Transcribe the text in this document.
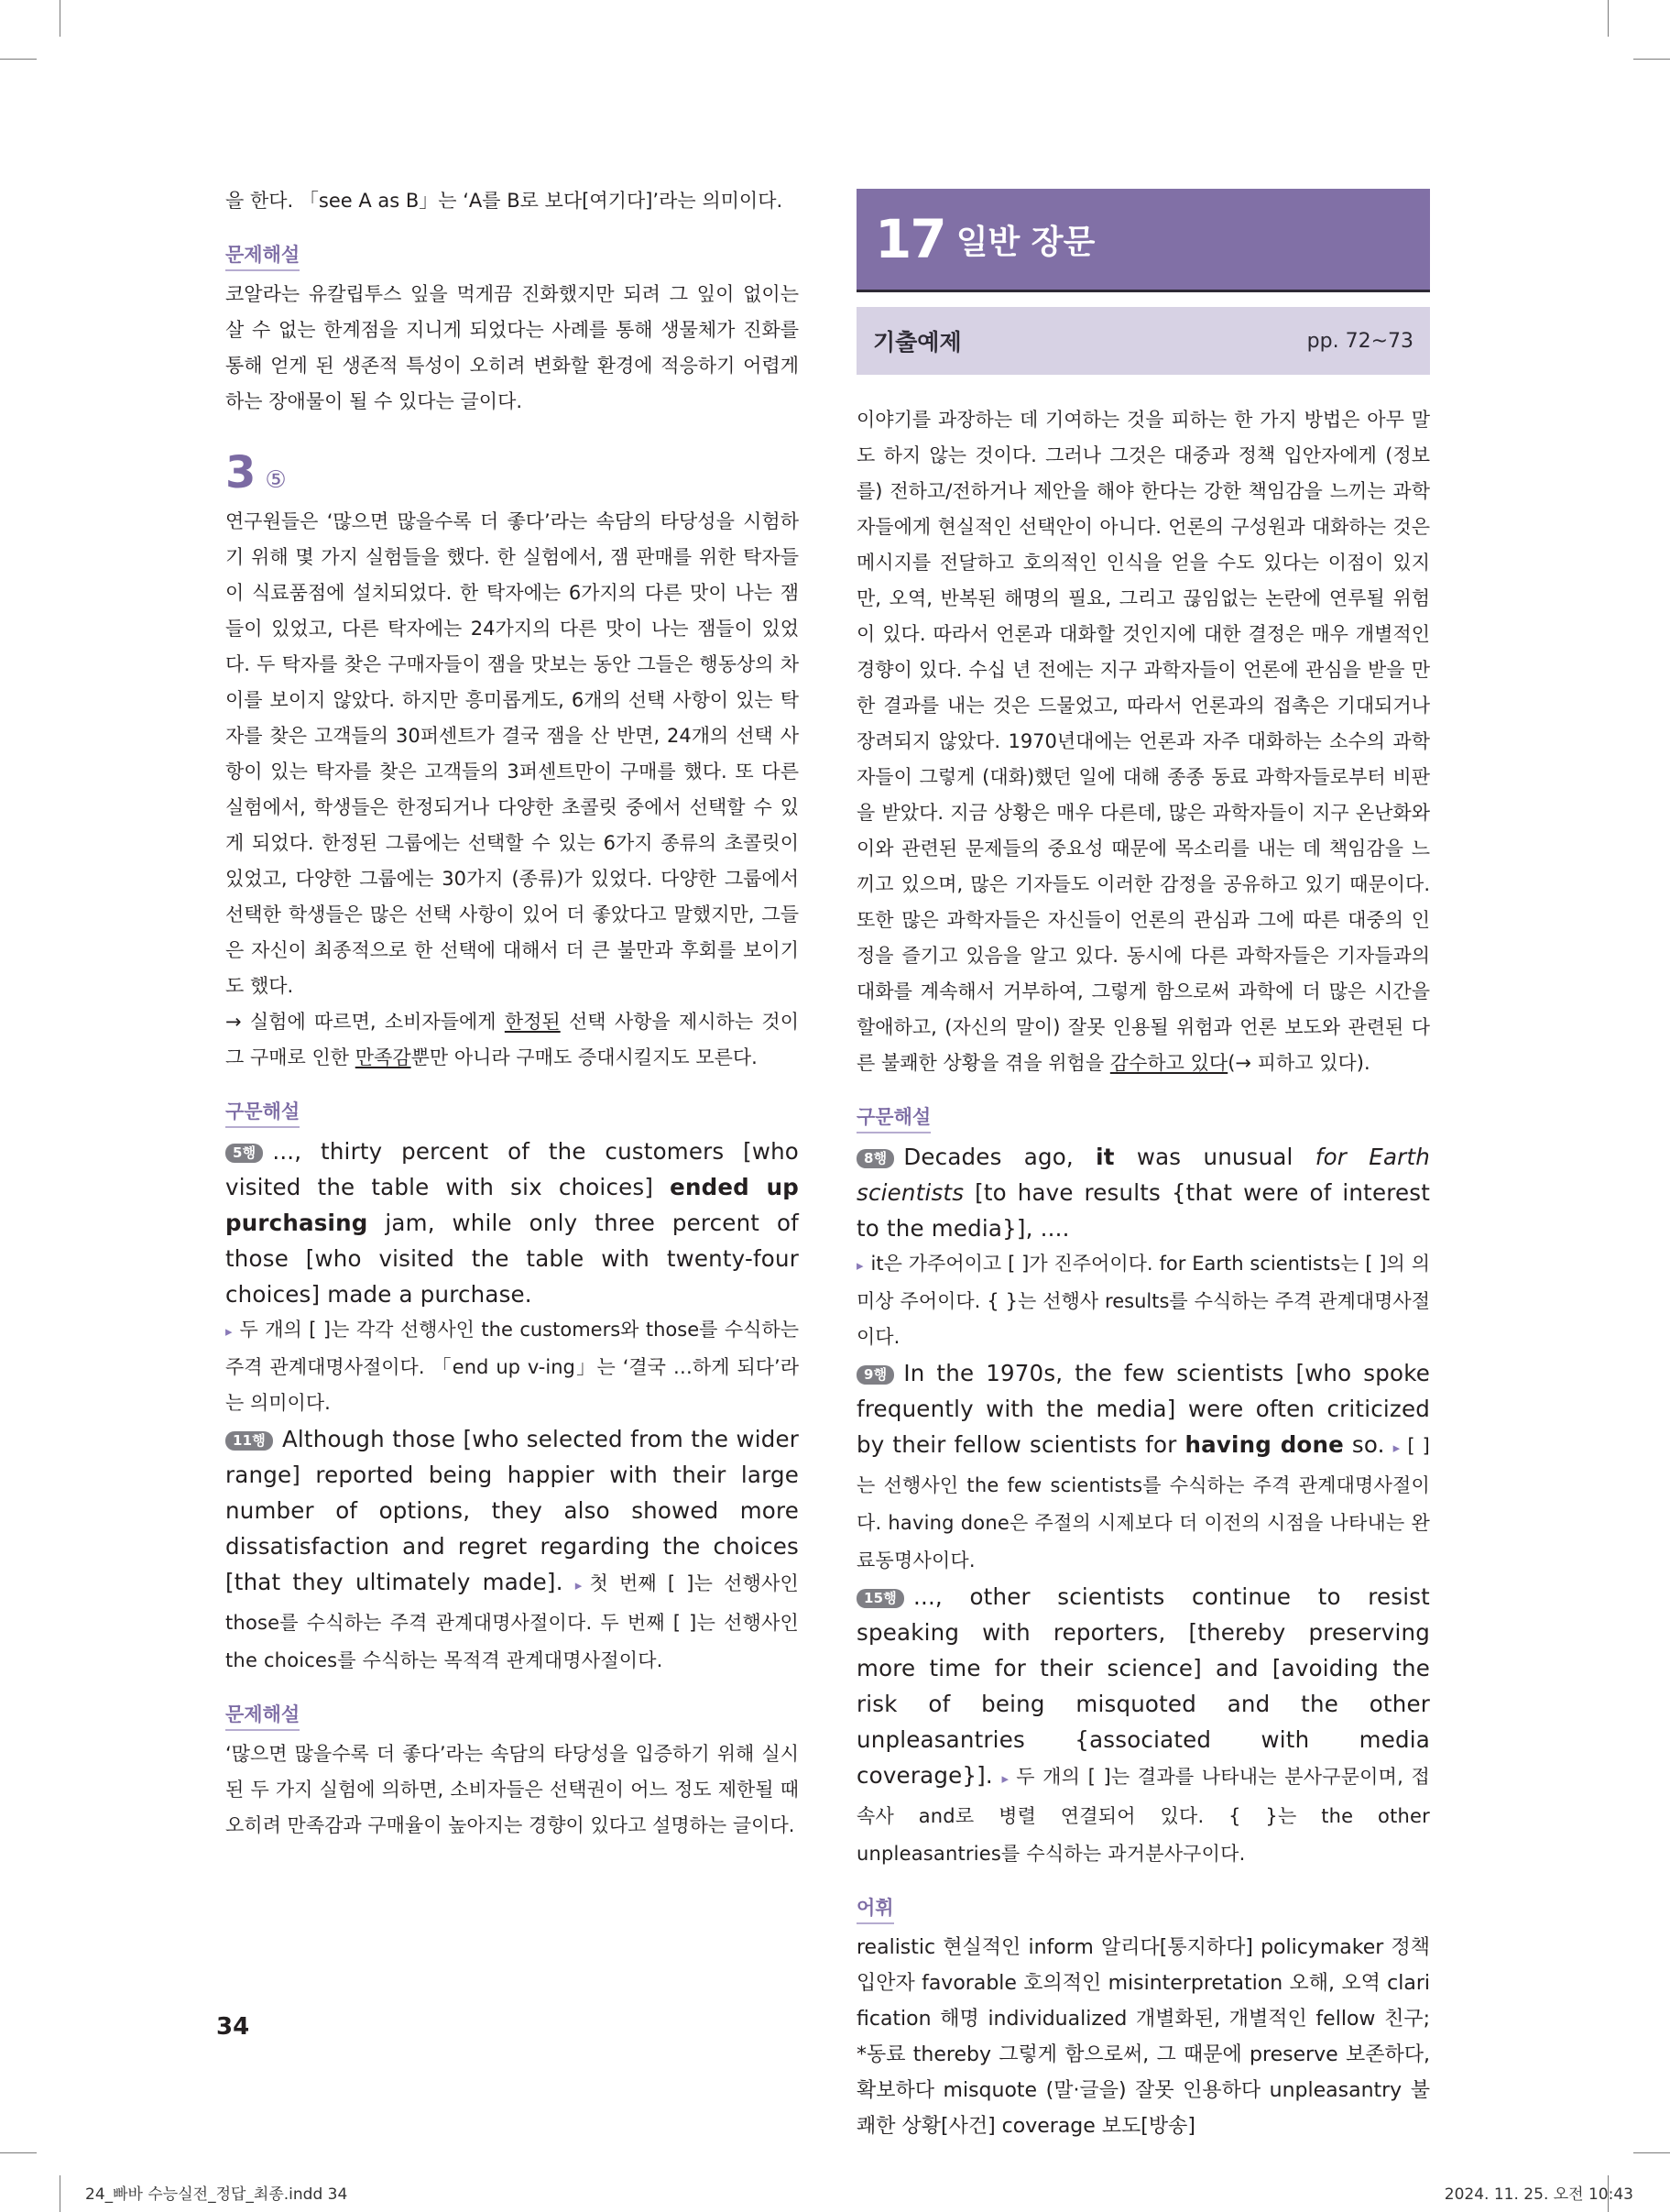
을 한다. 「see A as B」는 ‘A를 B로 보다[여기다]’라는 의미이다.

문제해설

코알라는 유칼립투스 잎을 먹게끔 진화했지만 되려 그 잎이 없이는 살 수 없는 한계점을 지니게 되었다는 사례를 통해 생물체가 진화를 통해 얻게 된 생존적 특성이 오히려 변화할 환경에 적응하기 어렵게 하는 장애물이 될 수 있다는 글이다.

3 ⑤

연구원들은 ‘많으면 많을수록 더 좋다’라는 속담의 타당성을 시험하기 위해 몇 가지 실험들을 했다. 한 실험에서, 잼 판매를 위한 탁자들이 식료품점에 설치되었다. 한 탁자에는 6가지의 다른 맛이 나는 잼들이 있었고, 다른 탁자에는 24가지의 다른 맛이 나는 잼들이 있었다. 두 탁자를 찾은 구매자들이 잼을 맛보는 동안 그들은 행동상의 차이를 보이지 않았다. 하지만 흥미롭게도, 6개의 선택 사항이 있는 탁자를 찾은 고객들의 30퍼센트가 결국 잼을 산 반면, 24개의 선택 사항이 있는 탁자를 찾은 고객들의 3퍼센트만이 구매를 했다. 또 다른 실험에서, 학생들은 한정되거나 다양한 초콜릿 중에서 선택할 수 있게 되었다. 한정된 그룹에는 선택할 수 있는 6가지 종류의 초콜릿이 있었고, 다양한 그룹에는 30가지 (종류)가 있었다. 다양한 그룹에서 선택한 학생들은 많은 선택 사항이 있어 더 좋았다고 말했지만, 그들은 자신이 최종적으로 한 선택에 대해서 더 큰 불만과 후회를 보이기도 했다.

→ 실험에 따르면, 소비자들에게 한정된 선택 사항을 제시하는 것이 그 구매로 인한 만족감뿐만 아니라 구매도 증대시킬지도 모른다.

구문해설

5행 ..., thirty percent of the customers [who visited the table with six choices] ended up purchasing jam, while only three percent of those [who visited the table with twenty-four choices] made a purchase.

▸ 두 개의 [ ]는 각각 선행사인 the customers와 those를 수식하는 주격 관계대명사절이다. 「end up v-ing」는 ‘결국 …하게 되다’라는 의미이다.

11행 Although those [who selected from the wider range] reported being happier with their large number of options, they also showed more dissatisfaction and regret regarding the choices [that they ultimately made]. ▸ 첫 번째 [ ]는 선행사인 those를 수식하는 주격 관계대명사절이다. 두 번째 [ ]는 선행사인 the choices를 수식하는 목적격 관계대명사절이다.

문제해설

‘많으면 많을수록 더 좋다’라는 속담의 타당성을 입증하기 위해 실시된 두 가지 실험에 의하면, 소비자들은 선택권이 어느 정도 제한될 때 오히려 만족감과 구매율이 높아지는 경향이 있다고 설명하는 글이다.

17 일반 장문
기출예제	pp. 72~73

이야기를 과장하는 데 기여하는 것을 피하는 한 가지 방법은 아무 말도 하지 않는 것이다. 그러나 그것은 대중과 정책 입안자에게 (정보를) 전하고/전하거나 제안을 해야 한다는 강한 책임감을 느끼는 과학자들에게 현실적인 선택안이 아니다. 언론의 구성원과 대화하는 것은 메시지를 전달하고 호의적인 인식을 얻을 수도 있다는 이점이 있지만, 오역, 반복된 해명의 필요, 그리고 끊임없는 논란에 연루될 위험이 있다. 따라서 언론과 대화할 것인지에 대한 결정은 매우 개별적인 경향이 있다. 수십 년 전에는 지구 과학자들이 언론에 관심을 받을 만한 결과를 내는 것은 드물었고, 따라서 언론과의 접촉은 기대되거나 장려되지 않았다. 1970년대에는 언론과 자주 대화하는 소수의 과학자들이 그렇게 (대화)했던 일에 대해 종종 동료 과학자들로부터 비판을 받았다. 지금 상황은 매우 다른데, 많은 과학자들이 지구 온난화와 이와 관련된 문제들의 중요성 때문에 목소리를 내는 데 책임감을 느끼고 있으며, 많은 기자들도 이러한 감정을 공유하고 있기 때문이다. 또한 많은 과학자들은 자신들이 언론의 관심과 그에 따른 대중의 인정을 즐기고 있음을 알고 있다. 동시에 다른 과학자들은 기자들과의 대화를 계속해서 거부하여, 그렇게 함으로써 과학에 더 많은 시간을 할애하고, (자신의 말이) 잘못 인용될 위험과 언론 보도와 관련된 다른 불쾌한 상황을 겪을 위험을 감수하고 있다(→ 피하고 있다).

구문해설

8행 Decades ago, it was unusual for Earth scientists [to have results {that were of interest to the media}], ....

▸ it은 가주어이고 [ ]가 진주어이다. for Earth scientists는 [ ]의 의미상 주어이다. { }는 선행사 results를 수식하는 주격 관계대명사절이다.

9행 In the 1970s, the few scientists [who spoke frequently with the media] were often criticized by their fellow scientists for having done so. ▸ [ ]는 선행사인 the few scientists를 수식하는 주격 관계대명사절이다. having done은 주절의 시제보다 더 이전의 시점을 나타내는 완료동명사이다.

15행 ..., other scientists continue to resist speaking with reporters, [thereby preserving more time for their science] and [avoiding the risk of being misquoted and the other unpleasantries {associated with media coverage}]. ▸ 두 개의 [ ]는 결과를 나타내는 분사구문이며, 접속사 and로 병렬 연결되어 있다. { }는 the other unpleasantries를 수식하는 과거분사구이다.

어휘

realistic 현실적인 inform 알리다[통지하다] policymaker 정책 입안자 favorable 호의적인 misinterpretation 오해, 오역 clarification 해명 individualized 개별화된, 개별적인 fellow 친구; *동료 thereby 그렇게 함으로써, 그 때문에 preserve 보존하다, 확보하다 misquote (말·글을) 잘못 인용하다 unpleasantry 불쾌한 상황[사건] coverage 보도[방송]

34
24_빠바 수능실전_정답_최종.indd 34	2024. 11. 25. 오전 10:43
